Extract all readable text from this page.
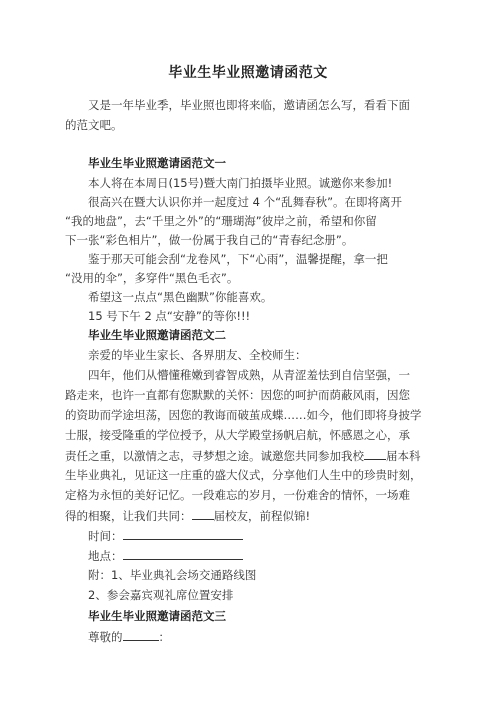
毕业生毕业照邀请函范文
又是一年毕业季，毕业照也即将来临，邀请函怎么写，看看下面
的范文吧。
毕业生毕业照邀请函范文一
本人将在本周日(15号)暨大南门拍摄毕业照。诚邀你来参加!
很高兴在暨大认识你并一起度过 4 个“乱舞春秋”。在即将离开
“我的地盘”，去“千里之外”的“珊瑚海”彼岸之前，希望和你留
下一张“彩色相片”，做一份属于我自己的“青春纪念册”。
鉴于那天可能会刮“龙卷风”，下“心雨”，温馨提醒，拿一把
“没用的伞”，多穿件“黑色毛衣”。
希望这一点点“黑色幽默”你能喜欢。
15 号下午 2 点“安静”的等你!!!
毕业生毕业照邀请函范文二
亲爱的毕业生家长、各界朋友、全校师生：
四年，他们从懵懂稚嫩到睿智成熟，从青涩羞怯到自信坚强，一
路走来，也许一直都有您默默的关怀：因您的呵护而荫蔽风雨，因您
的资助而学途坦荡，因您的教诲而破茧成蝶……如今，他们即将身披学
士服，接受隆重的学位授予，从大学殿堂扬帆启航，怀感恩之心，承
责任之重，以激情之志，寻梦想之途。诚邀您共同参加我校 届本科
生毕业典礼，见证这一庄重的盛大仪式，分享他们人生中的珍贵时刻，
定格为永恒的美好记忆。一段难忘的岁月，一份难舍的情怀，一场难
得的相聚，让我们共同： 届校友，前程似锦!
时间：
地点：
附：1、毕业典礼会场交通路线图
2、参会嘉宾观礼席位置安排
毕业生毕业照邀请函范文三
尊敬的	：
